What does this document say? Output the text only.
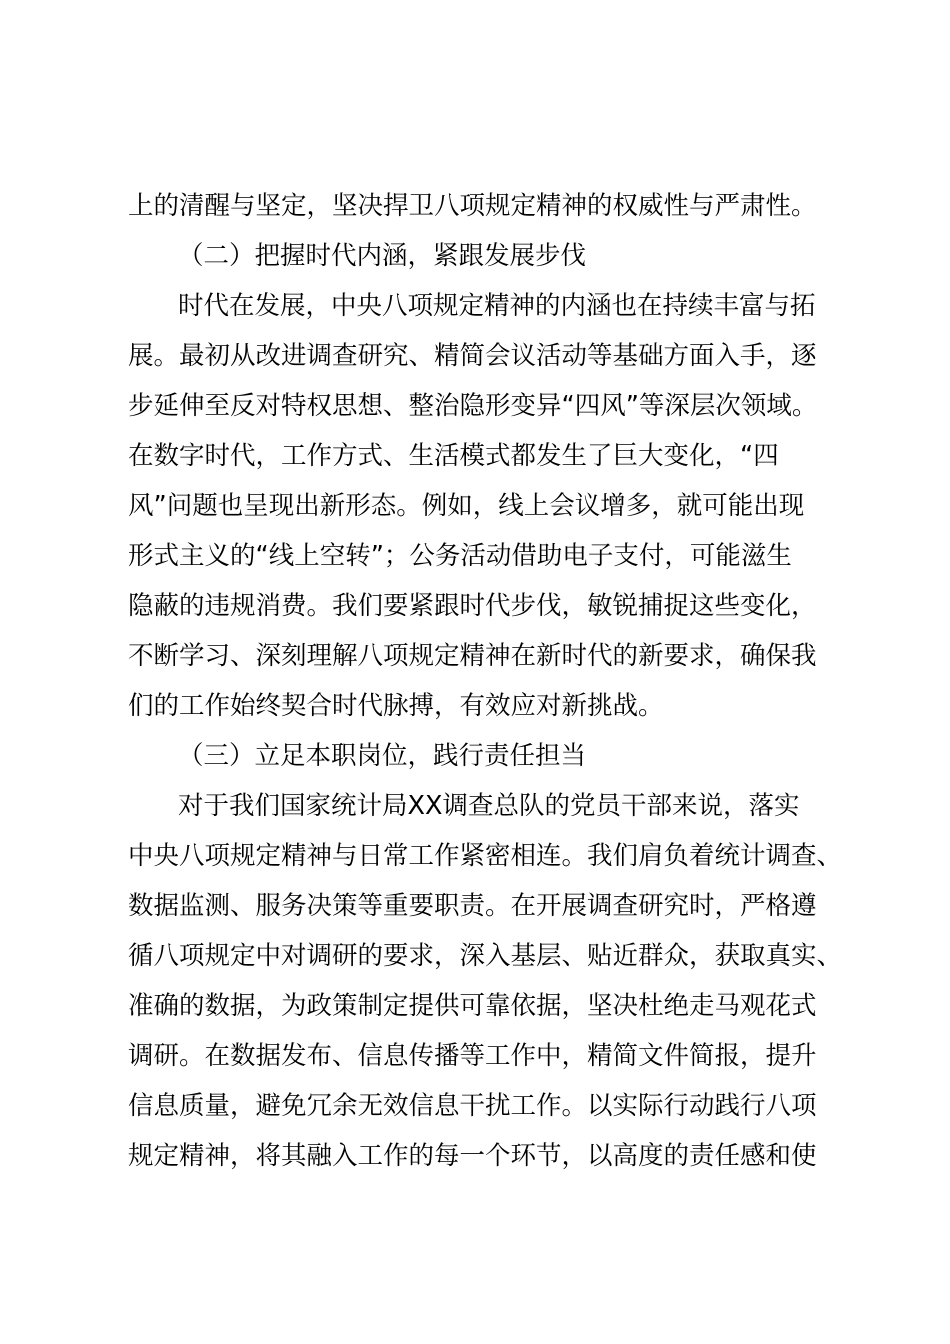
上的清醒与坚定，坚决捍卫八项规定精神的权威性与严肃性。
（二）把握时代内涵，紧跟发展步伐
时代在发展，中央八项规定精神的内涵也在持续丰富与拓
展。最初从改进调查研究、精简会议活动等基础方面入手，逐
步延伸至反对特权思想、整治隐形变异“四风”等深层次领域。
在数字时代，工作方式、生活模式都发生了巨大变化，“四
风”问题也呈现出新形态。例如，线上会议增多，就可能出现
形式主义的“线上空转”；公务活动借助电子支付，可能滋生
隐蔽的违规消费。我们要紧跟时代步伐，敏锐捕捉这些变化，
不断学习、深刻理解八项规定精神在新时代的新要求，确保我
们的工作始终契合时代脉搏，有效应对新挑战。
（三）立足本职岗位，践行责任担当
对于我们国家统计局XX调查总队的党员干部来说，落实
中央八项规定精神与日常工作紧密相连。我们肩负着统计调查、
数据监测、服务决策等重要职责。在开展调查研究时，严格遵
循八项规定中对调研的要求，深入基层、贴近群众，获取真实、
准确的数据，为政策制定提供可靠依据，坚决杜绝走马观花式
调研。在数据发布、信息传播等工作中，精简文件简报，提升
信息质量，避免冗余无效信息干扰工作。以实际行动践行八项
规定精神，将其融入工作的每一个环节，以高度的责任感和使
